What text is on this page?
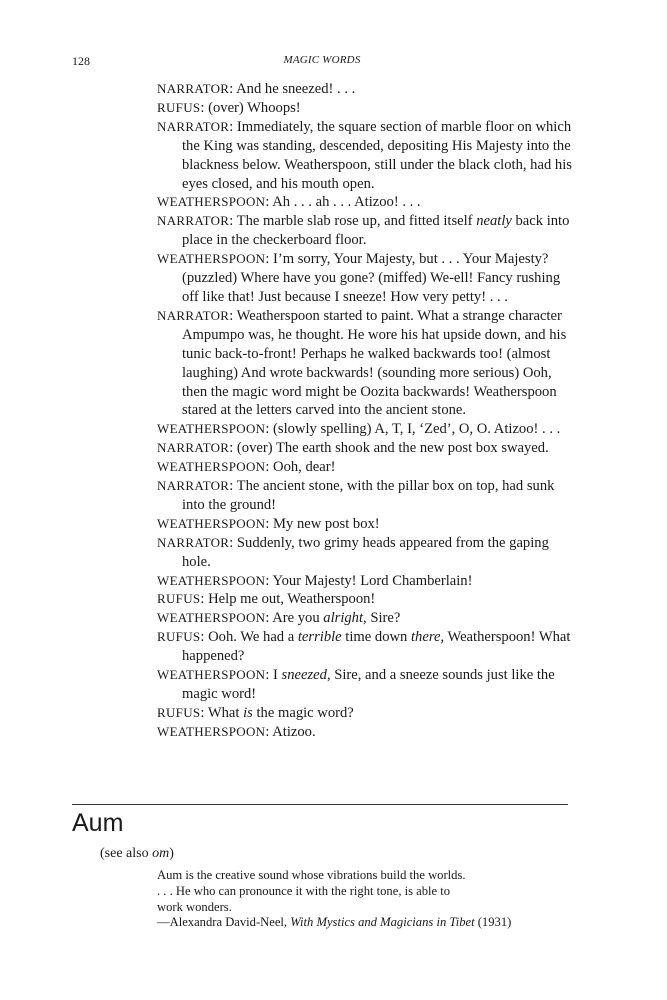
128	MAGIC WORDS

NARRATOR: And he sneezed! . . .

RUFUS: (over) Whoops!

NARRATOR: Immediately, the square section of marble floor on which the King was standing, descended, depositing His Majesty into the blackness below. Weatherspoon, still under the black cloth, had his eyes closed, and his mouth open.

WEATHERSPOON: Ah . . . ah . . . Atizoo! . . .

NARRATOR: The marble slab rose up, and fitted itself neatly back into place in the checkerboard floor.

WEATHERSPOON: I’m sorry, Your Majesty, but . . . Your Majesty? (puzzled) Where have you gone? (miffed) We-ell! Fancy rushing off like that! Just because I sneeze! How very petty! . . .

NARRATOR: Weatherspoon started to paint. What a strange character Ampumpo was, he thought. He wore his hat upside down, and his tunic back-to-front! Perhaps he walked backwards too! (almost laughing) And wrote backwards! (sounding more serious) Ooh, then the magic word might be Oozita backwards! Weatherspoon stared at the letters carved into the ancient stone.

WEATHERSPOON: (slowly spelling) A, T, I, ‘Zed’, O, O. Atizoo! . . .

NARRATOR: (over) The earth shook and the new post box swayed.

WEATHERSPOON: Ooh, dear!

NARRATOR: The ancient stone, with the pillar box on top, had sunk into the ground!

WEATHERSPOON: My new post box!

NARRATOR: Suddenly, two grimy heads appeared from the gaping hole.

WEATHERSPOON: Your Majesty! Lord Chamberlain!

RUFUS: Help me out, Weatherspoon!

WEATHERSPOON: Are you alright, Sire?

RUFUS: Ooh. We had a terrible time down there, Weatherspoon! What happened?

WEATHERSPOON: I sneezed, Sire, and a sneeze sounds just like the magic word!

RUFUS: What is the magic word?

WEATHERSPOON: Atizoo.

Aum
(see also om)

Aum is the creative sound whose vibrations build the worlds.

. . . He who can pronounce it with the right tone, is able to

work wonders.

—Alexandra David-Neel, With Mystics and Magicians in Tibet (1931)
